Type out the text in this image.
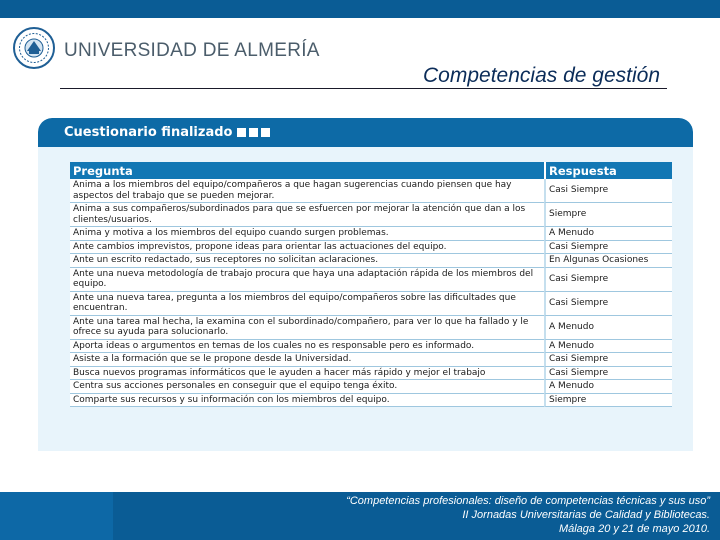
UNIVERSIDAD DE ALMERÍA
Competencias de gestión
Cuestionario finalizado
Pregunta	Respuesta
Anima a los miembros del equipo/compañeros a que hagan sugerencias cuando piensen que hay aspectos del trabajo que se pueden mejorar.	Casi Siempre
Anima a sus compañeros/subordinados para que se esfuercen por mejorar la atención que dan a los clientes/usuarios.	Siempre
Anima y motiva a los miembros del equipo cuando surgen problemas.	A Menudo
Ante cambios imprevistos, propone ideas para orientar las actuaciones del equipo.	Casi Siempre
Ante un escrito redactado, sus receptores no solicitan aclaraciones.	En Algunas Ocasiones
Ante una nueva metodología de trabajo procura que haya una adaptación rápida de los miembros del equipo.	Casi Siempre
Ante una nueva tarea, pregunta a los miembros del equipo/compañeros sobre las dificultades que encuentran.	Casi Siempre
Ante una tarea mal hecha, la examina con el subordinado/compañero, para ver lo que ha fallado y le ofrece su ayuda para solucionarlo.	A Menudo
Aporta ideas o argumentos en temas de los cuales no es responsable pero es informado.	A Menudo
Asiste a la formación que se le propone desde la Universidad.	Casi Siempre
Busca nuevos programas informáticos que le ayuden a hacer más rápido y mejor el trabajo	Casi Siempre
Centra sus acciones personales en conseguir que el equipo tenga éxito.	A Menudo
Comparte sus recursos y su información con los miembros del equipo.	Siempre
“Competencias profesionales: diseño de competencias técnicas y sus uso”
II Jornadas Universitarias de Calidad y Bibliotecas.
Málaga 20 y 21 de mayo 2010.
